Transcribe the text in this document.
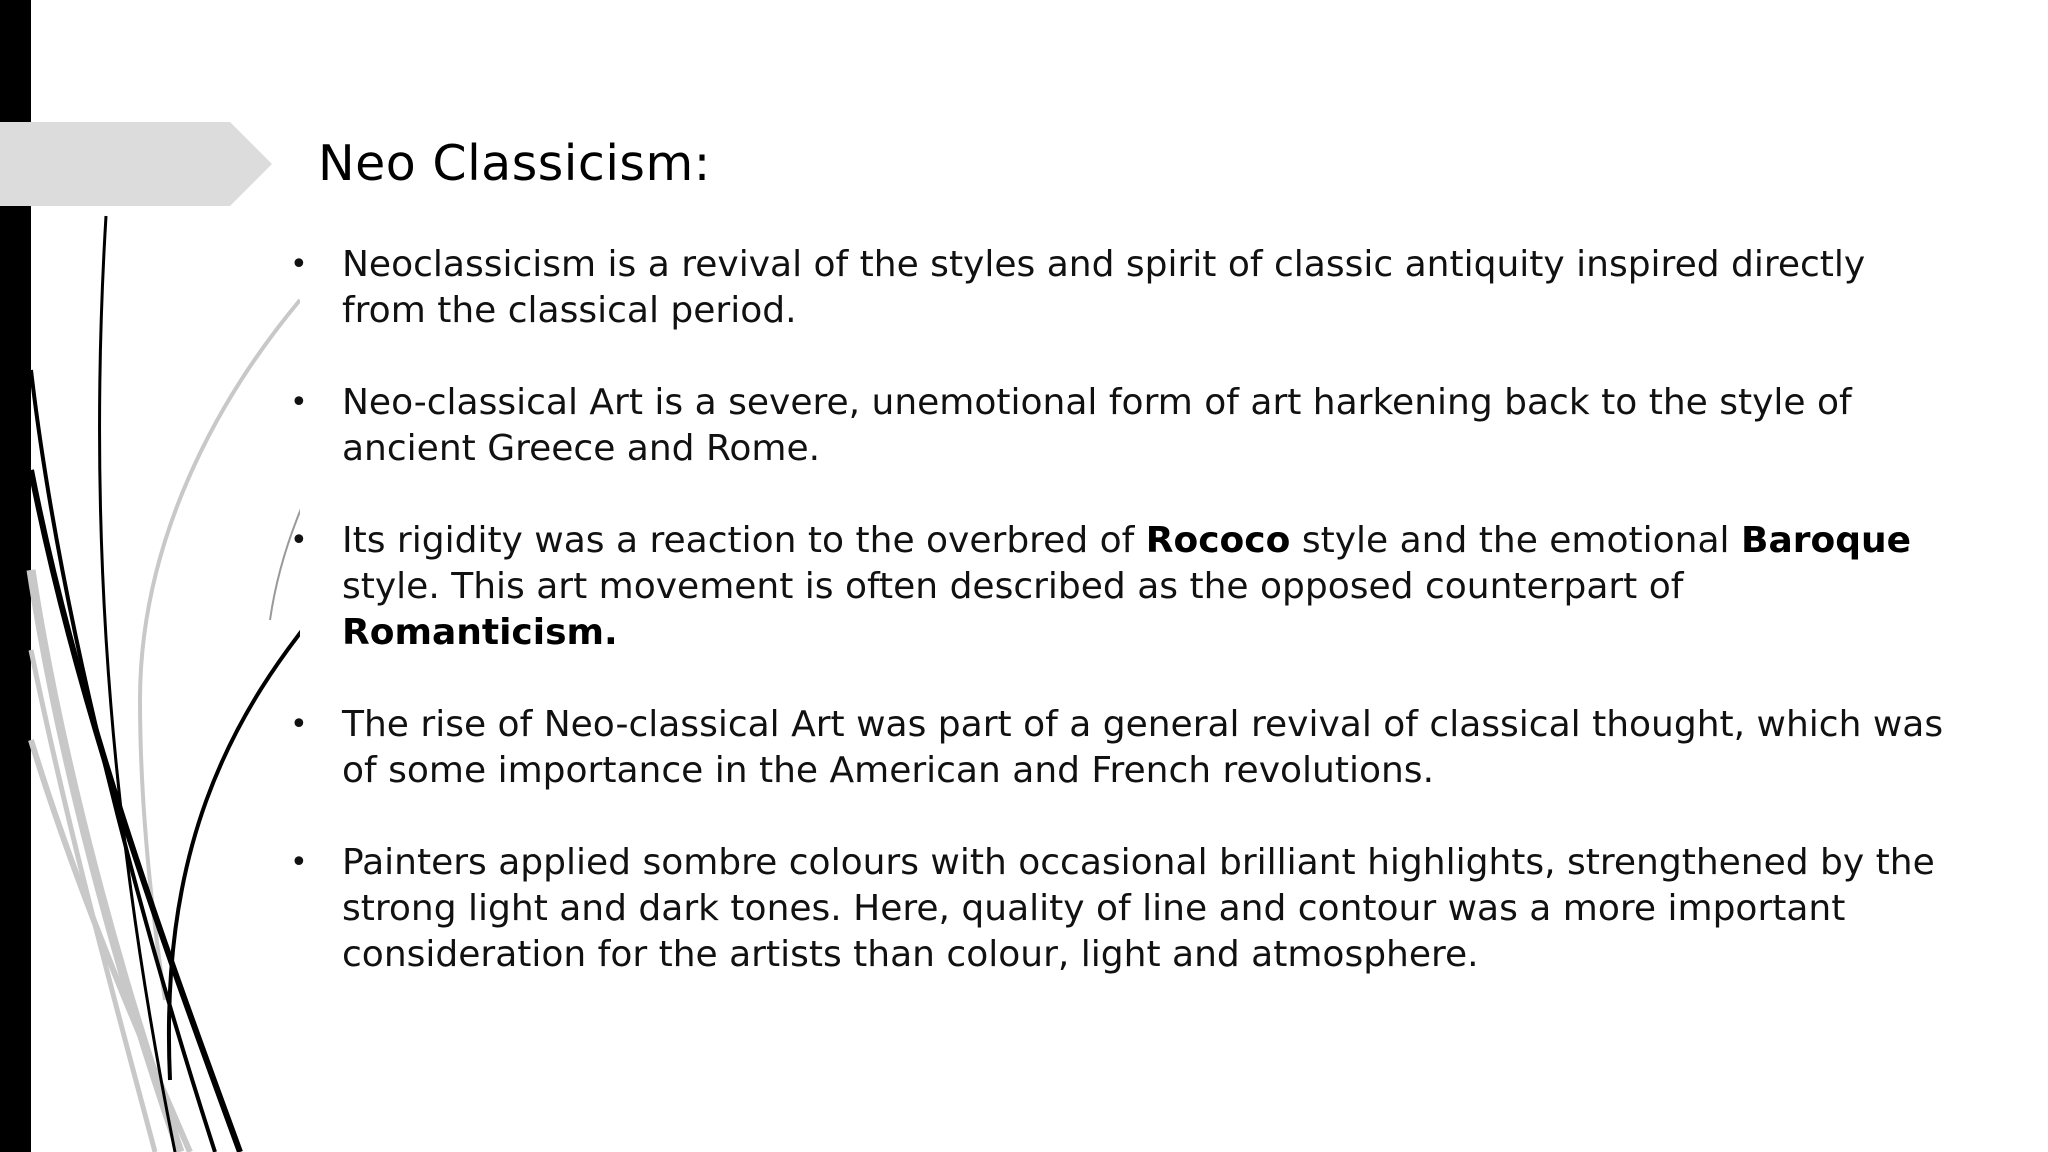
Neo Classicism:
• Neoclassicism is a revival of the styles and spirit of classic antiquity inspired directly from the classical period.
• Neo-classical Art is a severe, unemotional form of art harkening back to the style of ancient Greece and Rome.
• Its rigidity was a reaction to the overbred of Rococo style and the emotional Baroque style. This art movement is often described as the opposed counterpart of Romanticism.
• The rise of Neo-classical Art was part of a general revival of classical thought, which was of some importance in the American and French revolutions.
• Painters applied sombre colours with occasional brilliant highlights, strengthened by the strong light and dark tones. Here, quality of line and contour was a more important consideration for the artists than colour, light and atmosphere.
